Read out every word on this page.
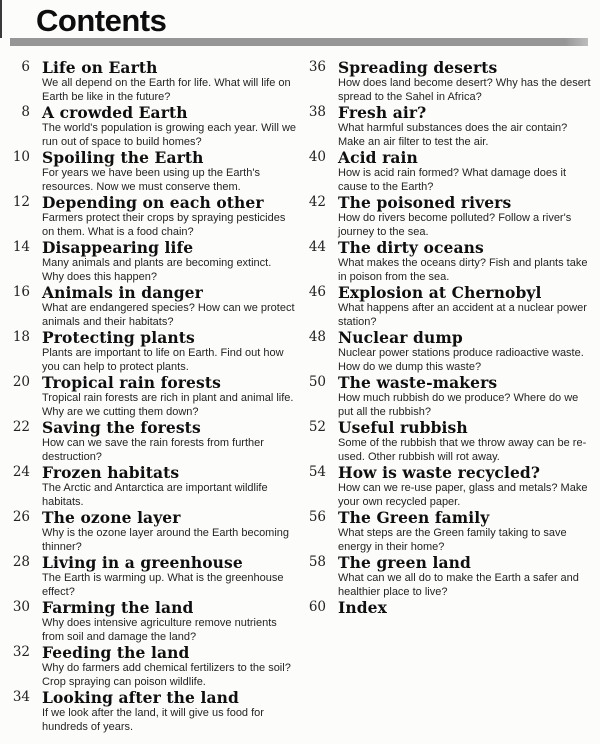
Contents
6 Life on Earth
We all depend on the Earth for life. What will life on Earth be like in the future?
8 A crowded Earth
The world's population is growing each year. Will we run out of space to build homes?
10 Spoiling the Earth
For years we have been using up the Earth's resources. Now we must conserve them.
12 Depending on each other
Farmers protect their crops by spraying pesticides on them. What is a food chain?
14 Disappearing life
Many animals and plants are becoming extinct. Why does this happen?
16 Animals in danger
What are endangered species? How can we protect animals and their habitats?
18 Protecting plants
Plants are important to life on Earth. Find out how you can help to protect plants.
20 Tropical rain forests
Tropical rain forests are rich in plant and animal life. Why are we cutting them down?
22 Saving the forests
How can we save the rain forests from further destruction?
24 Frozen habitats
The Arctic and Antarctica are important wildlife habitats.
26 The ozone layer
Why is the ozone layer around the Earth becoming thinner?
28 Living in a greenhouse
The Earth is warming up. What is the greenhouse effect?
30 Farming the land
Why does intensive agriculture remove nutrients from soil and damage the land?
32 Feeding the land
Why do farmers add chemical fertilizers to the soil? Crop spraying can poison wildlife.
34 Looking after the land
If we look after the land, it will give us food for hundreds of years.
36 Spreading deserts
How does land become desert? Why has the desert spread to the Sahel in Africa?
38 Fresh air?
What harmful substances does the air contain? Make an air filter to test the air.
40 Acid rain
How is acid rain formed? What damage does it cause to the Earth?
42 The poisoned rivers
How do rivers become polluted? Follow a river's journey to the sea.
44 The dirty oceans
What makes the oceans dirty? Fish and plants take in poison from the sea.
46 Explosion at Chernobyl
What happens after an accident at a nuclear power station?
48 Nuclear dump
Nuclear power stations produce radioactive waste. How do we dump this waste?
50 The waste-makers
How much rubbish do we produce? Where do we put all the rubbish?
52 Useful rubbish
Some of the rubbish that we throw away can be re-used. Other rubbish will rot away.
54 How is waste recycled?
How can we re-use paper, glass and metals? Make your own recycled paper.
56 The Green family
What steps are the Green family taking to save energy in their home?
58 The green land
What can we all do to make the Earth a safer and healthier place to live?
60 Index
